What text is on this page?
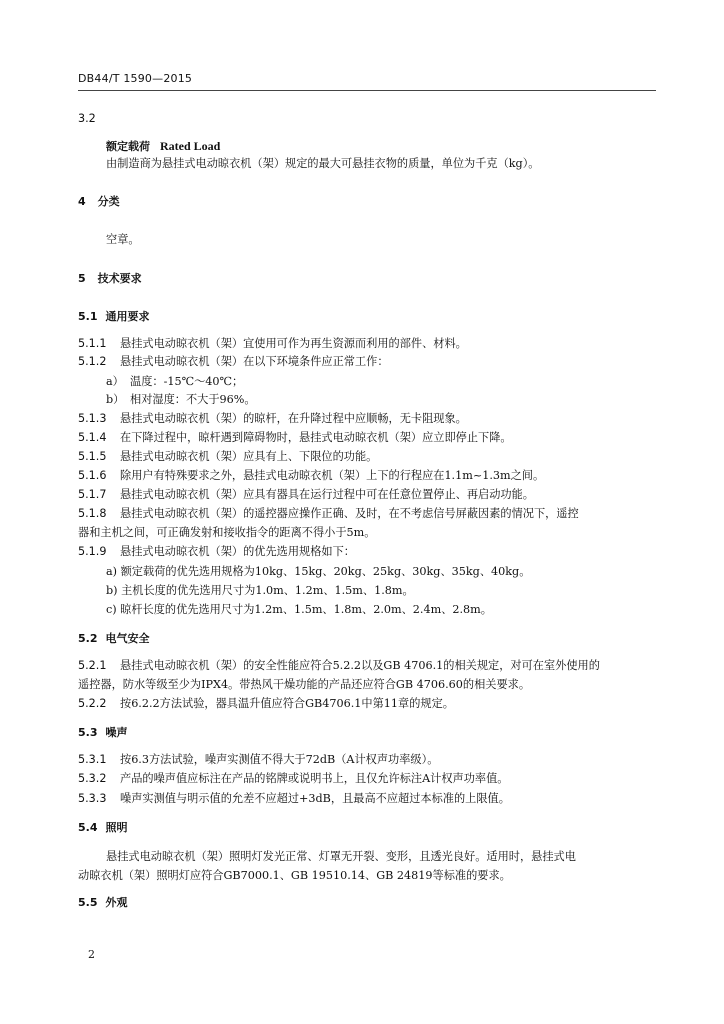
DB44/T 1590—2015
3.2
额定载荷 Rated Load
由制造商为悬挂式电动晾衣机（架）规定的最大可悬挂衣物的质量，单位为千克（kg）。
4 分类
空章。
5 技术要求
5.1 通用要求
5.1.1 悬挂式电动晾衣机（架）宜使用可作为再生资源而利用的部件、材料。
5.1.2 悬挂式电动晾衣机（架）在以下环境条件应正常工作：
a） 温度：-15℃～40℃；
b） 相对湿度：不大于96%。
5.1.3 悬挂式电动晾衣机（架）的晾杆，在升降过程中应顺畅，无卡阻现象。
5.1.4 在下降过程中，晾杆遇到障碍物时，悬挂式电动晾衣机（架）应立即停止下降。
5.1.5 悬挂式电动晾衣机（架）应具有上、下限位的功能。
5.1.6 除用户有特殊要求之外，悬挂式电动晾衣机（架）上下的行程应在1.1m~1.3m之间。
5.1.7 悬挂式电动晾衣机（架）应具有器具在运行过程中可在任意位置停止、再启动功能。
5.1.8 悬挂式电动晾衣机（架）的遥控器应操作正确、及时，在不考虑信号屏蔽因素的情况下，遥控
器和主机之间，可正确发射和接收指令的距离不得小于5m。
5.1.9 悬挂式电动晾衣机（架）的优先选用规格如下：
a) 额定载荷的优先选用规格为10kg、15kg、20kg、25kg、30kg、35kg、40kg。
b) 主机长度的优先选用尺寸为1.0m、1.2m、1.5m、1.8m。
c) 晾杆长度的优先选用尺寸为1.2m、1.5m、1.8m、2.0m、2.4m、2.8m。
5.2 电气安全
5.2.1 悬挂式电动晾衣机（架）的安全性能应符合5.2.2以及GB 4706.1的相关规定，对可在室外使用的
遥控器，防水等级至少为IPX4。带热风干燥功能的产品还应符合GB 4706.60的相关要求。
5.2.2 按6.2.2方法试验，器具温升值应符合GB4706.1中第11章的规定。
5.3 噪声
5.3.1 按6.3方法试验，噪声实测值不得大于72dB（A计权声功率级）。
5.3.2 产品的噪声值应标注在产品的铭牌或说明书上，且仅允许标注A计权声功率值。
5.3.3 噪声实测值与明示值的允差不应超过+3dB，且最高不应超过本标准的上限值。
5.4 照明
悬挂式电动晾衣机（架）照明灯发光正常、灯罩无开裂、变形，且透光良好。适用时，悬挂式电
动晾衣机（架）照明灯应符合GB7000.1、GB 19510.14、GB 24819等标准的要求。
5.5 外观
2
